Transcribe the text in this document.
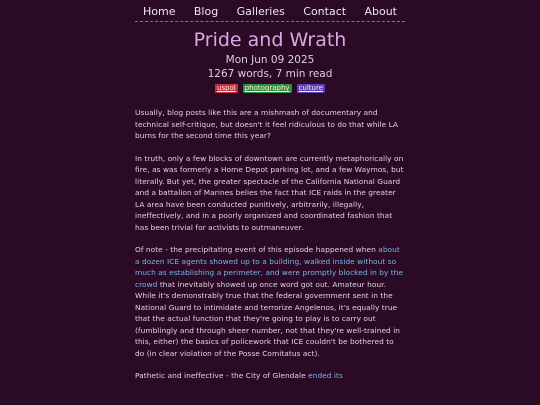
Home	Blog	Galleries	Contact	About
Pride and Wrath
Mon Jun 09 2025
1267 words, 7 min read
uspol photography culture

Usually, blog posts like this are a mishmash of documentary and technical self-critique, but doesn't it feel ridiculous to do that while LA burns for the second time this year?

In truth, only a few blocks of downtown are currently metaphorically on fire, as was formerly a Home Depot parking lot, and a few Waymos, but literally. But yet, the greater spectacle of the California National Guard and a battalion of Marines belies the fact that ICE raids in the greater LA area have been conducted punitively, arbitrarily, illegally, ineffectively, and in a poorly organized and coordinated fashion that has been trivial for activists to outmaneuver.

Of note - the precipitating event of this episode happened when about a dozen ICE agents showed up to a building, walked inside without so much as establishing a perimeter, and were promptly blocked in by the crowd that inevitably showed up once word got out. Amateur hour. While it's demonstrably true that the federal government sent in the National Guard to intimidate and terrorize Angelenos, it's equally true that the actual function that they're going to play is to carry out (fumblingly and through sheer number, not that they're well-trained in this, either) the basics of policework that ICE couldn't be bothered to do (in clear violation of the Posse Comitatus act).

Pathetic and ineffective - the City of Glendale ended its
